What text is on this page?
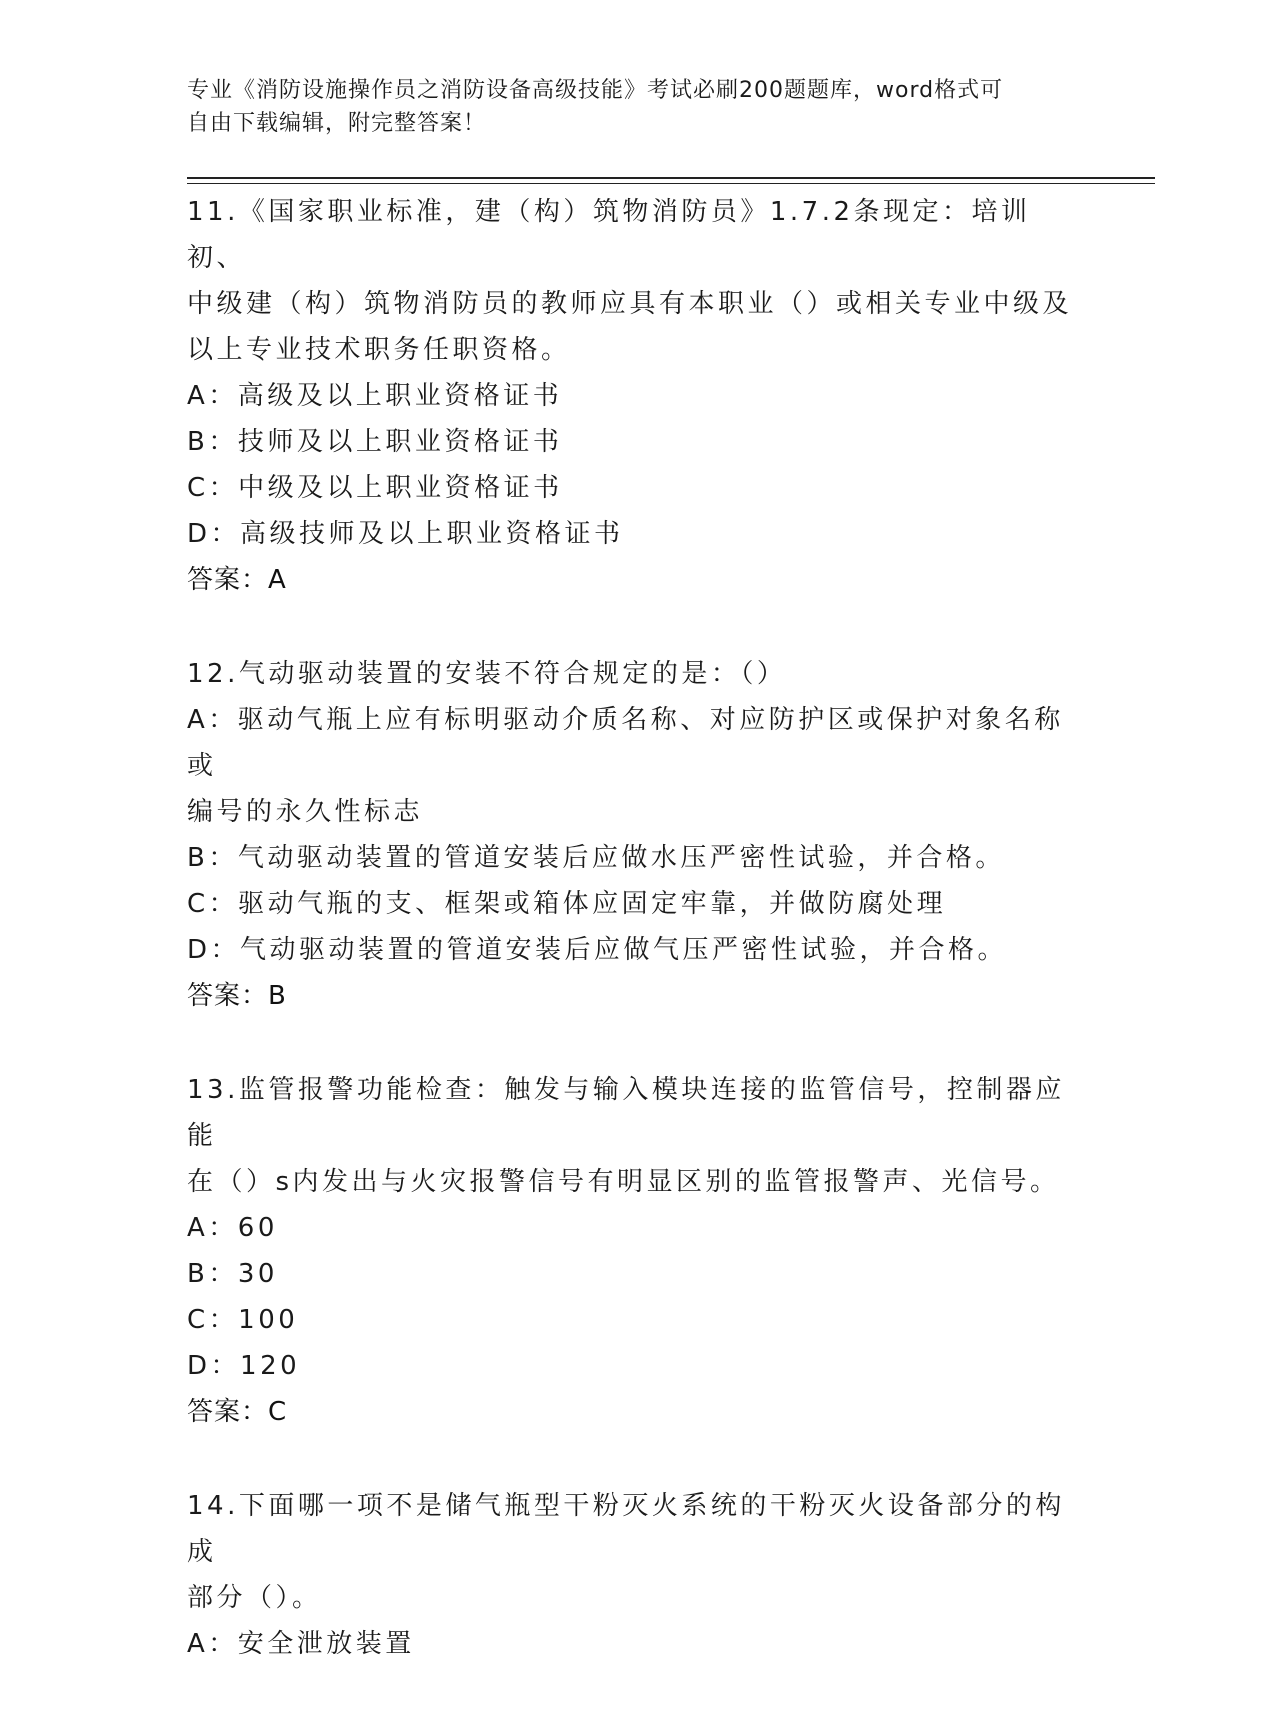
专业《消防设施操作员之消防设备高级技能》考试必刷200题题库，word格式可
自由下载编辑，附完整答案！
11.《国家职业标准，建（构）筑物消防员》1.7.2条现定：培训初、
中级建（构）筑物消防员的教师应具有本职业（）或相关专业中级及
以上专业技术职务任职资格。
A：高级及以上职业资格证书
B：技师及以上职业资格证书
C：中级及以上职业资格证书
D：高级技师及以上职业资格证书
答案：A
12.气动驱动装置的安装不符合规定的是：（）
A：驱动气瓶上应有标明驱动介质名称、对应防护区或保护对象名称或
编号的永久性标志
B：气动驱动装置的管道安装后应做水压严密性试验，并合格。
C：驱动气瓶的支、框架或箱体应固定牢靠，并做防腐处理
D：气动驱动装置的管道安装后应做气压严密性试验，并合格。
答案：B
13.监管报警功能检查：触发与输入模块连接的监管信号，控制器应能
在（）s内发出与火灾报警信号有明显区别的监管报警声、光信号。
A：60
B：30
C：100
D：120
答案：C
14.下面哪一项不是储气瓶型干粉灭火系统的干粉灭火设备部分的构成
部分（）。
A：安全泄放装置
